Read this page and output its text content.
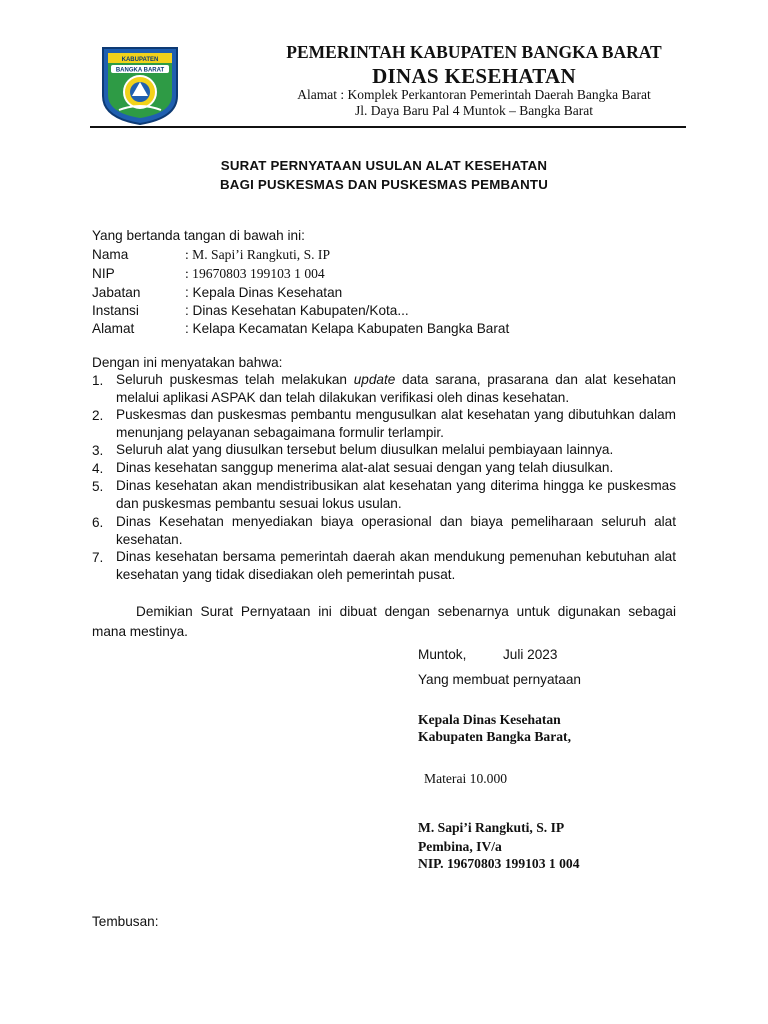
KABUPATEN
BANGKA BARAT
PEMERINTAH KABUPATEN BANGKA BARAT
DINAS KESEHATAN
Alamat : Komplek Perkantoran Pemerintah Daerah Bangka Barat
Jl. Daya Baru Pal 4 Muntok – Bangka Barat
SURAT PERNYATAAN USULAN ALAT KESEHATAN
BAGI PUSKESMAS DAN PUSKESMAS PEMBANTU
Yang bertanda tangan di bawah ini:
Nama	: M. Sapi’i Rangkuti, S. IP
NIP	: 19670803 199103 1 004
Jabatan	: Kepala Dinas Kesehatan
Instansi	: Dinas Kesehatan Kabupaten/Kota...
Alamat	: Kelapa Kecamatan Kelapa Kabupaten Bangka Barat
Dengan ini menyatakan bahwa:
1. Seluruh puskesmas telah melakukan update data sarana, prasarana dan alat kesehatan melalui aplikasi ASPAK dan telah dilakukan verifikasi oleh dinas kesehatan.
2. Puskesmas dan puskesmas pembantu mengusulkan alat kesehatan yang dibutuhkan dalam menunjang pelayanan sebagaimana formulir terlampir.
3. Seluruh alat yang diusulkan tersebut belum diusulkan melalui pembiayaan lainnya.
4. Dinas kesehatan sanggup menerima alat-alat sesuai dengan yang telah diusulkan.
5. Dinas kesehatan akan mendistribusikan alat kesehatan yang diterima hingga ke puskesmas dan puskesmas pembantu sesuai lokus usulan.
6. Dinas Kesehatan menyediakan biaya operasional dan biaya pemeliharaan seluruh alat kesehatan.
7. Dinas kesehatan bersama pemerintah daerah akan mendukung pemenuhan kebutuhan alat kesehatan yang tidak disediakan oleh pemerintah pusat.
Demikian Surat Pernyataan ini dibuat dengan sebenarnya untuk digunakan sebagai mana mestinya.
Muntok,	Juli 2023
Yang membuat pernyataan
Kepala Dinas Kesehatan
Kabupaten Bangka Barat,
Materai 10.000
M. Sapi’i Rangkuti, S. IP
Pembina, IV/a
NIP. 19670803 199103 1 004
Tembusan:
